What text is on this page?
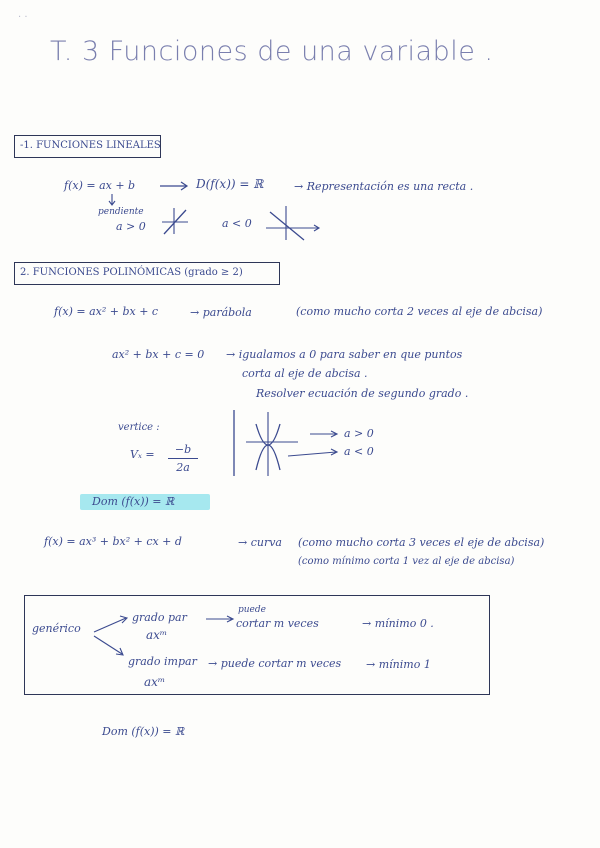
. .
T. 3 Funciones de una variable .
-1. FUNCIONES LINEALES
f(x) = ax + b	D(f(x)) = ℝ	→ Representación es una recta .
pendiente
a > 0	a < 0
2. FUNCIONES POLINÓMICAS (grado ≥ 2)
f(x) = ax² + bx + c	→ parábola	(como mucho corta 2 veces al eje de abcisa)
ax² + bx + c = 0 → igualamos a 0 para saber en que puntos
corta al eje de abcisa .
Resolver ecuación de segundo grado .
vertice :
Vₓ =	−b
2a
a > 0
a < 0
Dom (f(x)) = ℝ
f(x) = ax³ + bx² + cx + d	→ curva (como mucho corta 3 veces el eje de abcisa)
(como mínimo corta 1 vez al eje de abcisa)
genérico
grado par
puede
cortar m veces	→ mínimo 0 .
axᵐ
grado impar → puede cortar m veces → mínimo 1
axᵐ
Dom (f(x)) = ℝ
